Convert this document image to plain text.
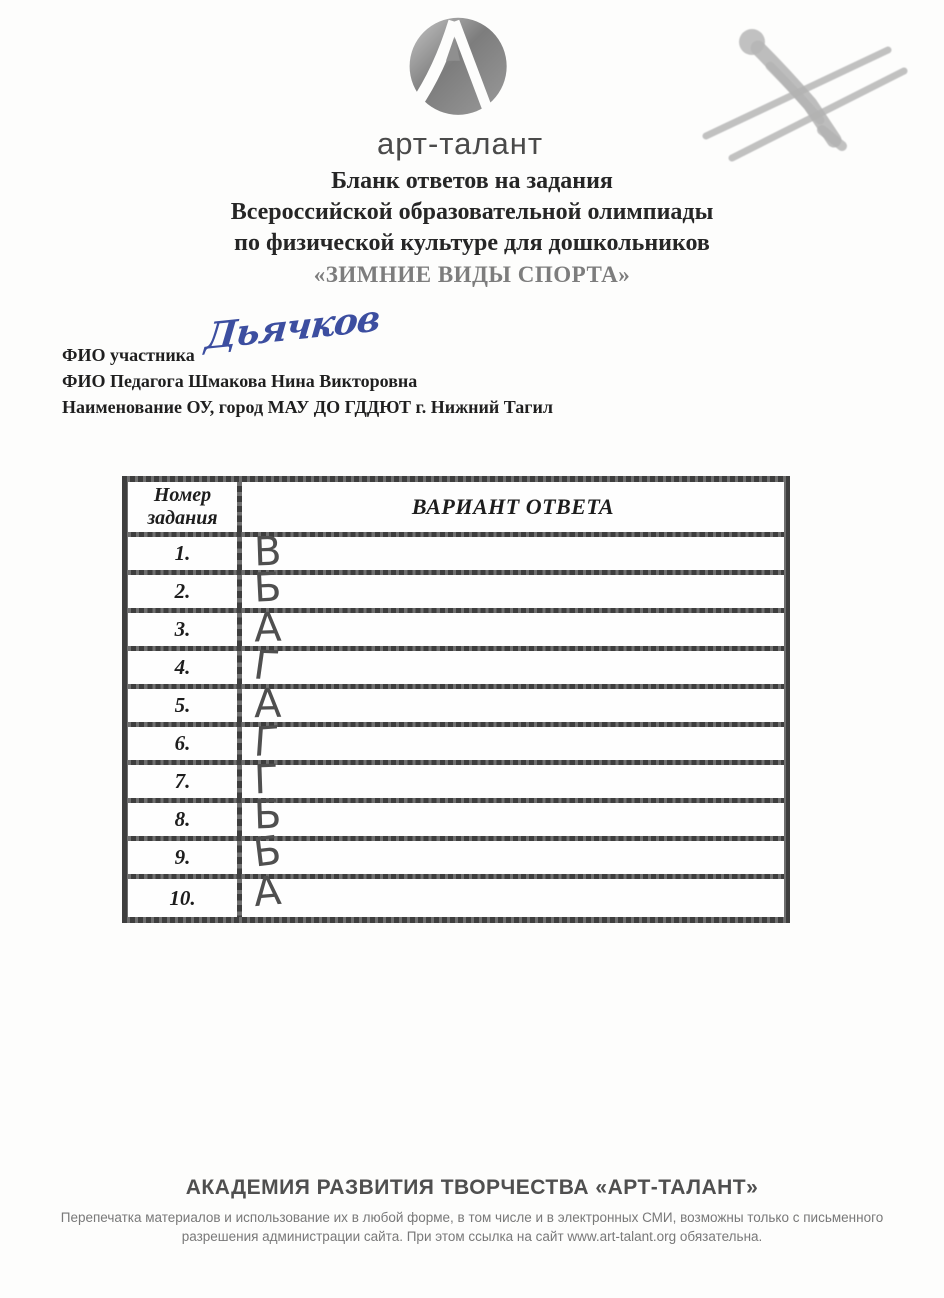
арт-талант
Бланк ответов на задания
Всероссийской образовательной олимпиады
по физической культуре для дошкольников
«ЗИМНИЕ ВИДЫ СПОРТА»
ФИО участника Дьячков
ФИО Педагога Шмакова Нина Викторовна
Наименование ОУ, город МАУ ДО ГДДЮТ г. Нижний Тагил
Номер задания	ВАРИАНТ ОТВЕТА
1.	В
2.	Б
3.	А
4.	Г
5.	А
6.	Г
7.	Г
8.	Б
9.	Б
10.	А
АКАДЕМИЯ РАЗВИТИЯ ТВОРЧЕСТВА «АРТ-ТАЛАНТ»
Перепечатка материалов и использование их в любой форме, в том числе и в электронных СМИ, возможны только с письменного разрешения администрации сайта. При этом ссылка на сайт www.art-talant.org обязательна.
